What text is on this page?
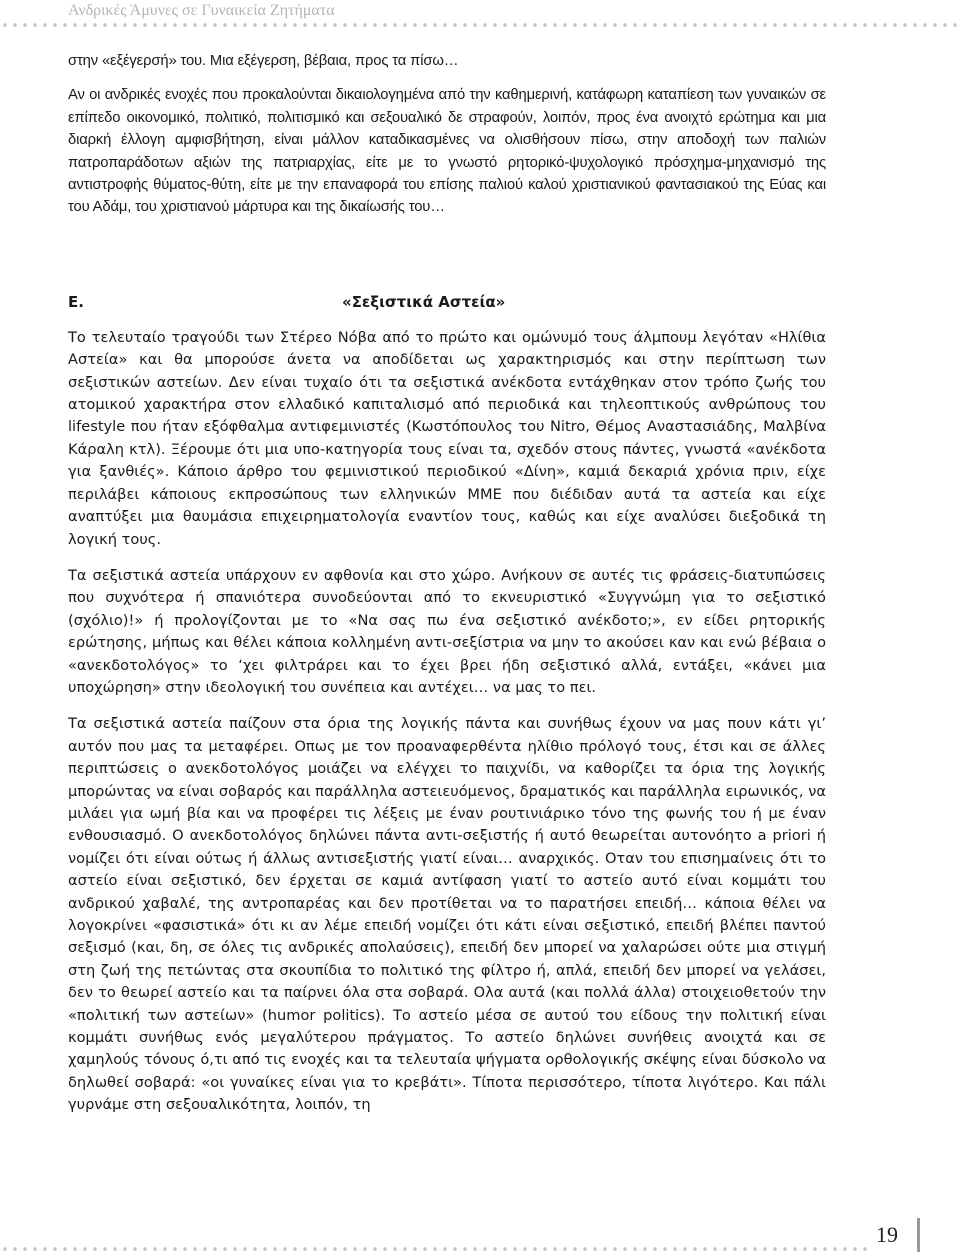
Ανδρικές Άμυνες σε Γυναικεία Ζητήματα

στην «εξέγερσή» του. Μια εξέγερση, βέβαια, προς τα πίσω…

Αν οι ανδρικές ενοχές που προκαλούνται δικαιολογημένα από την καθημερινή, κατάφωρη καταπίεση των γυναικών σε επίπεδο οικονομικό, πολιτικό, πολιτισμικό και σεξουαλικό δε στραφούν, λοιπόν, προς ένα ανοιχτό ερώτημα και μια διαρκή έλλογη αμφισβήτηση, είναι μάλλον καταδικασμένες να ολισθήσουν πίσω, στην αποδοχή των παλιών πατροπαράδοτων αξιών της πατριαρχίας, είτε με το γνωστό ρητορικό-ψυχολογικό πρόσχημα-μηχανισμό της αντιστροφής θύματος-θύτη, είτε με την επαναφορά του επίσης παλιού καλού χριστιανικού φαντασιακού της Εύας και του Αδάμ, του χριστιανού μάρτυρα και της δικαίωσής του…

Ε.	«Σεξιστικά Αστεία»

Το τελευταίο τραγούδι των Στέρεο Νόβα από το πρώτο και ομώνυμό τους άλμπουμ λεγόταν «Ηλίθια Αστεία» και θα μπορούσε άνετα να αποδίδεται ως χαρακτηρισμός και στην περίπτωση των σεξιστικών αστείων. Δεν είναι τυχαίο ότι τα σεξιστικά ανέκδοτα εντάχθηκαν στον τρόπο ζωής του ατομικού χαρακτήρα στον ελλαδικό καπιταλισμό από περιοδικά και τηλεοπτικούς ανθρώπους του lifestyle που ήταν εξόφθαλμα αντιφεμινιστές (Κωστόπουλος του Nitro, Θέμος Αναστασιάδης, Μαλβίνα Κάραλη κτλ). Ξέρουμε ότι μια υπο-κατηγορία τους είναι τα, σχεδόν στους πάντες, γνωστά «ανέκδοτα για ξανθιές». Κάποιο άρθρο του φεμινιστικού περιοδικού «Δίνη», καμιά δεκαριά χρόνια πριν, είχε περιλάβει κάποιους εκπροσώπους των ελληνικών ΜΜΕ που διέδιδαν αυτά τα αστεία και είχε αναπτύξει μια θαυμάσια επιχειρηματολογία εναντίον τους, καθώς και είχε αναλύσει διεξοδικά τη λογική τους.

Τα σεξιστικά αστεία υπάρχουν εν αφθονία και στο χώρο. Ανήκουν σε αυτές τις φράσεις-διατυπώσεις που συχνότερα ή σπανιότερα συνοδεύονται από το εκνευριστικό «Συγγνώμη για το σεξιστικό (σχόλιο)!» ή προλογίζονται με το «Να σας πω ένα σεξιστικό ανέκδοτο;», εν είδει ρητορικής ερώτησης, μήπως και θέλει κάποια κολλημένη αντι-σεξίστρια να μην το ακούσει καν και ενώ βέβαια ο «ανεκδοτολόγος» το ‘χει φιλτράρει και το έχει βρει ήδη σεξιστικό αλλά, εντάξει, «κάνει μια υποχώρηση» στην ιδεολογική του συνέπεια και αντέχει… να μας το πει.

Τα σεξιστικά αστεία παίζουν στα όρια της λογικής πάντα και συνήθως έχουν να μας πουν κάτι γι’ αυτόν που μας τα μεταφέρει. Οπως με τον προαναφερθέντα ηλίθιο πρόλογό τους, έτσι και σε άλλες περιπτώσεις ο ανεκδοτολόγος μοιάζει να ελέγχει το παιχνίδι, να καθορίζει τα όρια της λογικής μπορώντας να είναι σοβαρός και παράλληλα αστειευόμενος, δραματικός και παράλληλα ειρωνικός, να μιλάει για ωμή βία και να προφέρει τις λέξεις με έναν ρουτινιάρικο τόνο της φωνής του ή με έναν ενθουσιασμό. Ο ανεκδοτολόγος δηλώνει πάντα αντι-σεξιστής ή αυτό θεωρείται αυτονόητο a priori ή νομίζει ότι είναι ούτως ή άλλως αντισεξιστής γιατί είναι… αναρχικός. Οταν του επισημαίνεις ότι το αστείο είναι σεξιστικό, δεν έρχεται σε καμιά αντίφαση γιατί το αστείο αυτό είναι κομμάτι του ανδρικού χαβαλέ, της αντροπαρέας και δεν προτίθεται να το παρατήσει επειδή… κάποια θέλει να λογοκρίνει «φασιστικά» ότι κι αν λέμε επειδή νομίζει ότι κάτι είναι σεξιστικό, επειδή βλέπει παντού σεξισμό (και, δη, σε όλες τις ανδρικές απολαύσεις), επειδή δεν μπορεί να χαλαρώσει ούτε μια στιγμή στη ζωή της πετώντας στα σκουπίδια το πολιτικό της φίλτρο ή, απλά, επειδή δεν μπορεί να γελάσει, δεν το θεωρεί αστείο και τα παίρνει όλα στα σοβαρά. Ολα αυτά (και πολλά άλλα) στοιχειοθετούν την «πολιτική των αστείων» (humor politics). Το αστείο μέσα σε αυτού του είδους την πολιτική είναι κομμάτι συνήθως ενός μεγαλύτερου πράγματος. Το αστείο δηλώνει συνήθεις ανοιχτά και σε χαμηλούς τόνους ό,τι από τις ενοχές και τα τελευταία ψήγματα ορθολογικής σκέψης είναι δύσκολο να δηλωθεί σοβαρά: «οι γυναίκες είναι για το κρεβάτι». Τίποτα περισσότερο, τίποτα λιγότερο. Και πάλι γυρνάμε στη σεξουαλικότητα, λοιπόν, τη

19
